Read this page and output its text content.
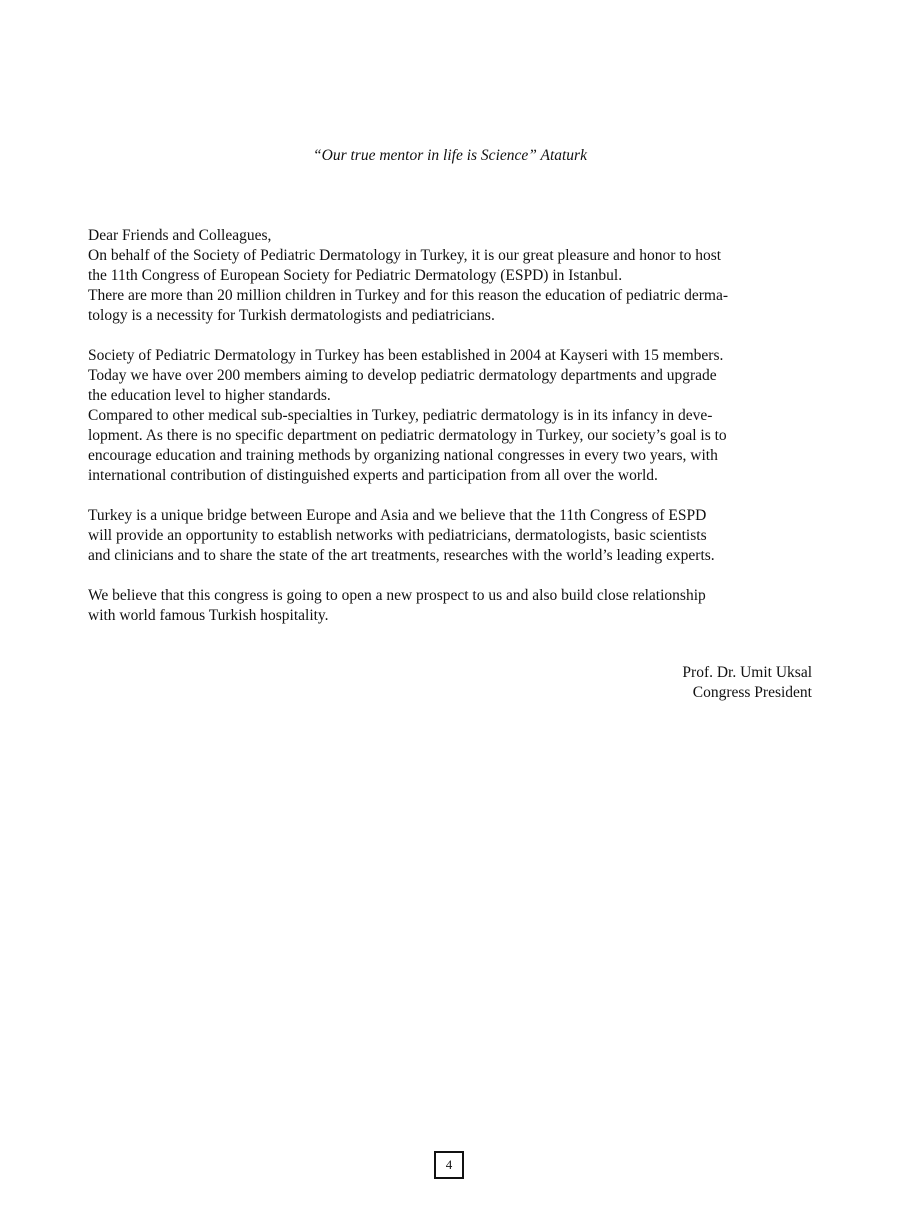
“Our true mentor in life is Science” Ataturk

Dear Friends and Colleagues,
On behalf of the Society of Pediatric Dermatology in Turkey, it is our great pleasure and honor to host
the 11th Congress of European Society for Pediatric Dermatology (ESPD) in Istanbul.
There are more than 20 million children in Turkey and for this reason the education of pediatric derma-
tology is a necessity for Turkish dermatologists and pediatricians.

Society of Pediatric Dermatology in Turkey has been established in 2004 at Kayseri with 15 members.
Today we have over 200 members aiming to develop pediatric dermatology departments and upgrade
the education level to higher standards.
Compared to other medical sub-specialties in Turkey, pediatric dermatology is in its infancy in deve-
lopment. As there is no specific department on pediatric dermatology in Turkey, our society’s goal is to
encourage education and training methods by organizing national congresses in every two years, with
international contribution of distinguished experts and participation from all over the world.

Turkey is a unique bridge between Europe and Asia and we believe that the 11th Congress of ESPD
will provide an opportunity to establish networks with pediatricians, dermatologists, basic scientists
and clinicians and to share the state of the art treatments, researches with the world’s leading experts.

We believe that this congress is going to open a new prospect to us and also build close relationship
with world famous Turkish hospitality.

Prof. Dr. Umit Uksal
Congress President
4
